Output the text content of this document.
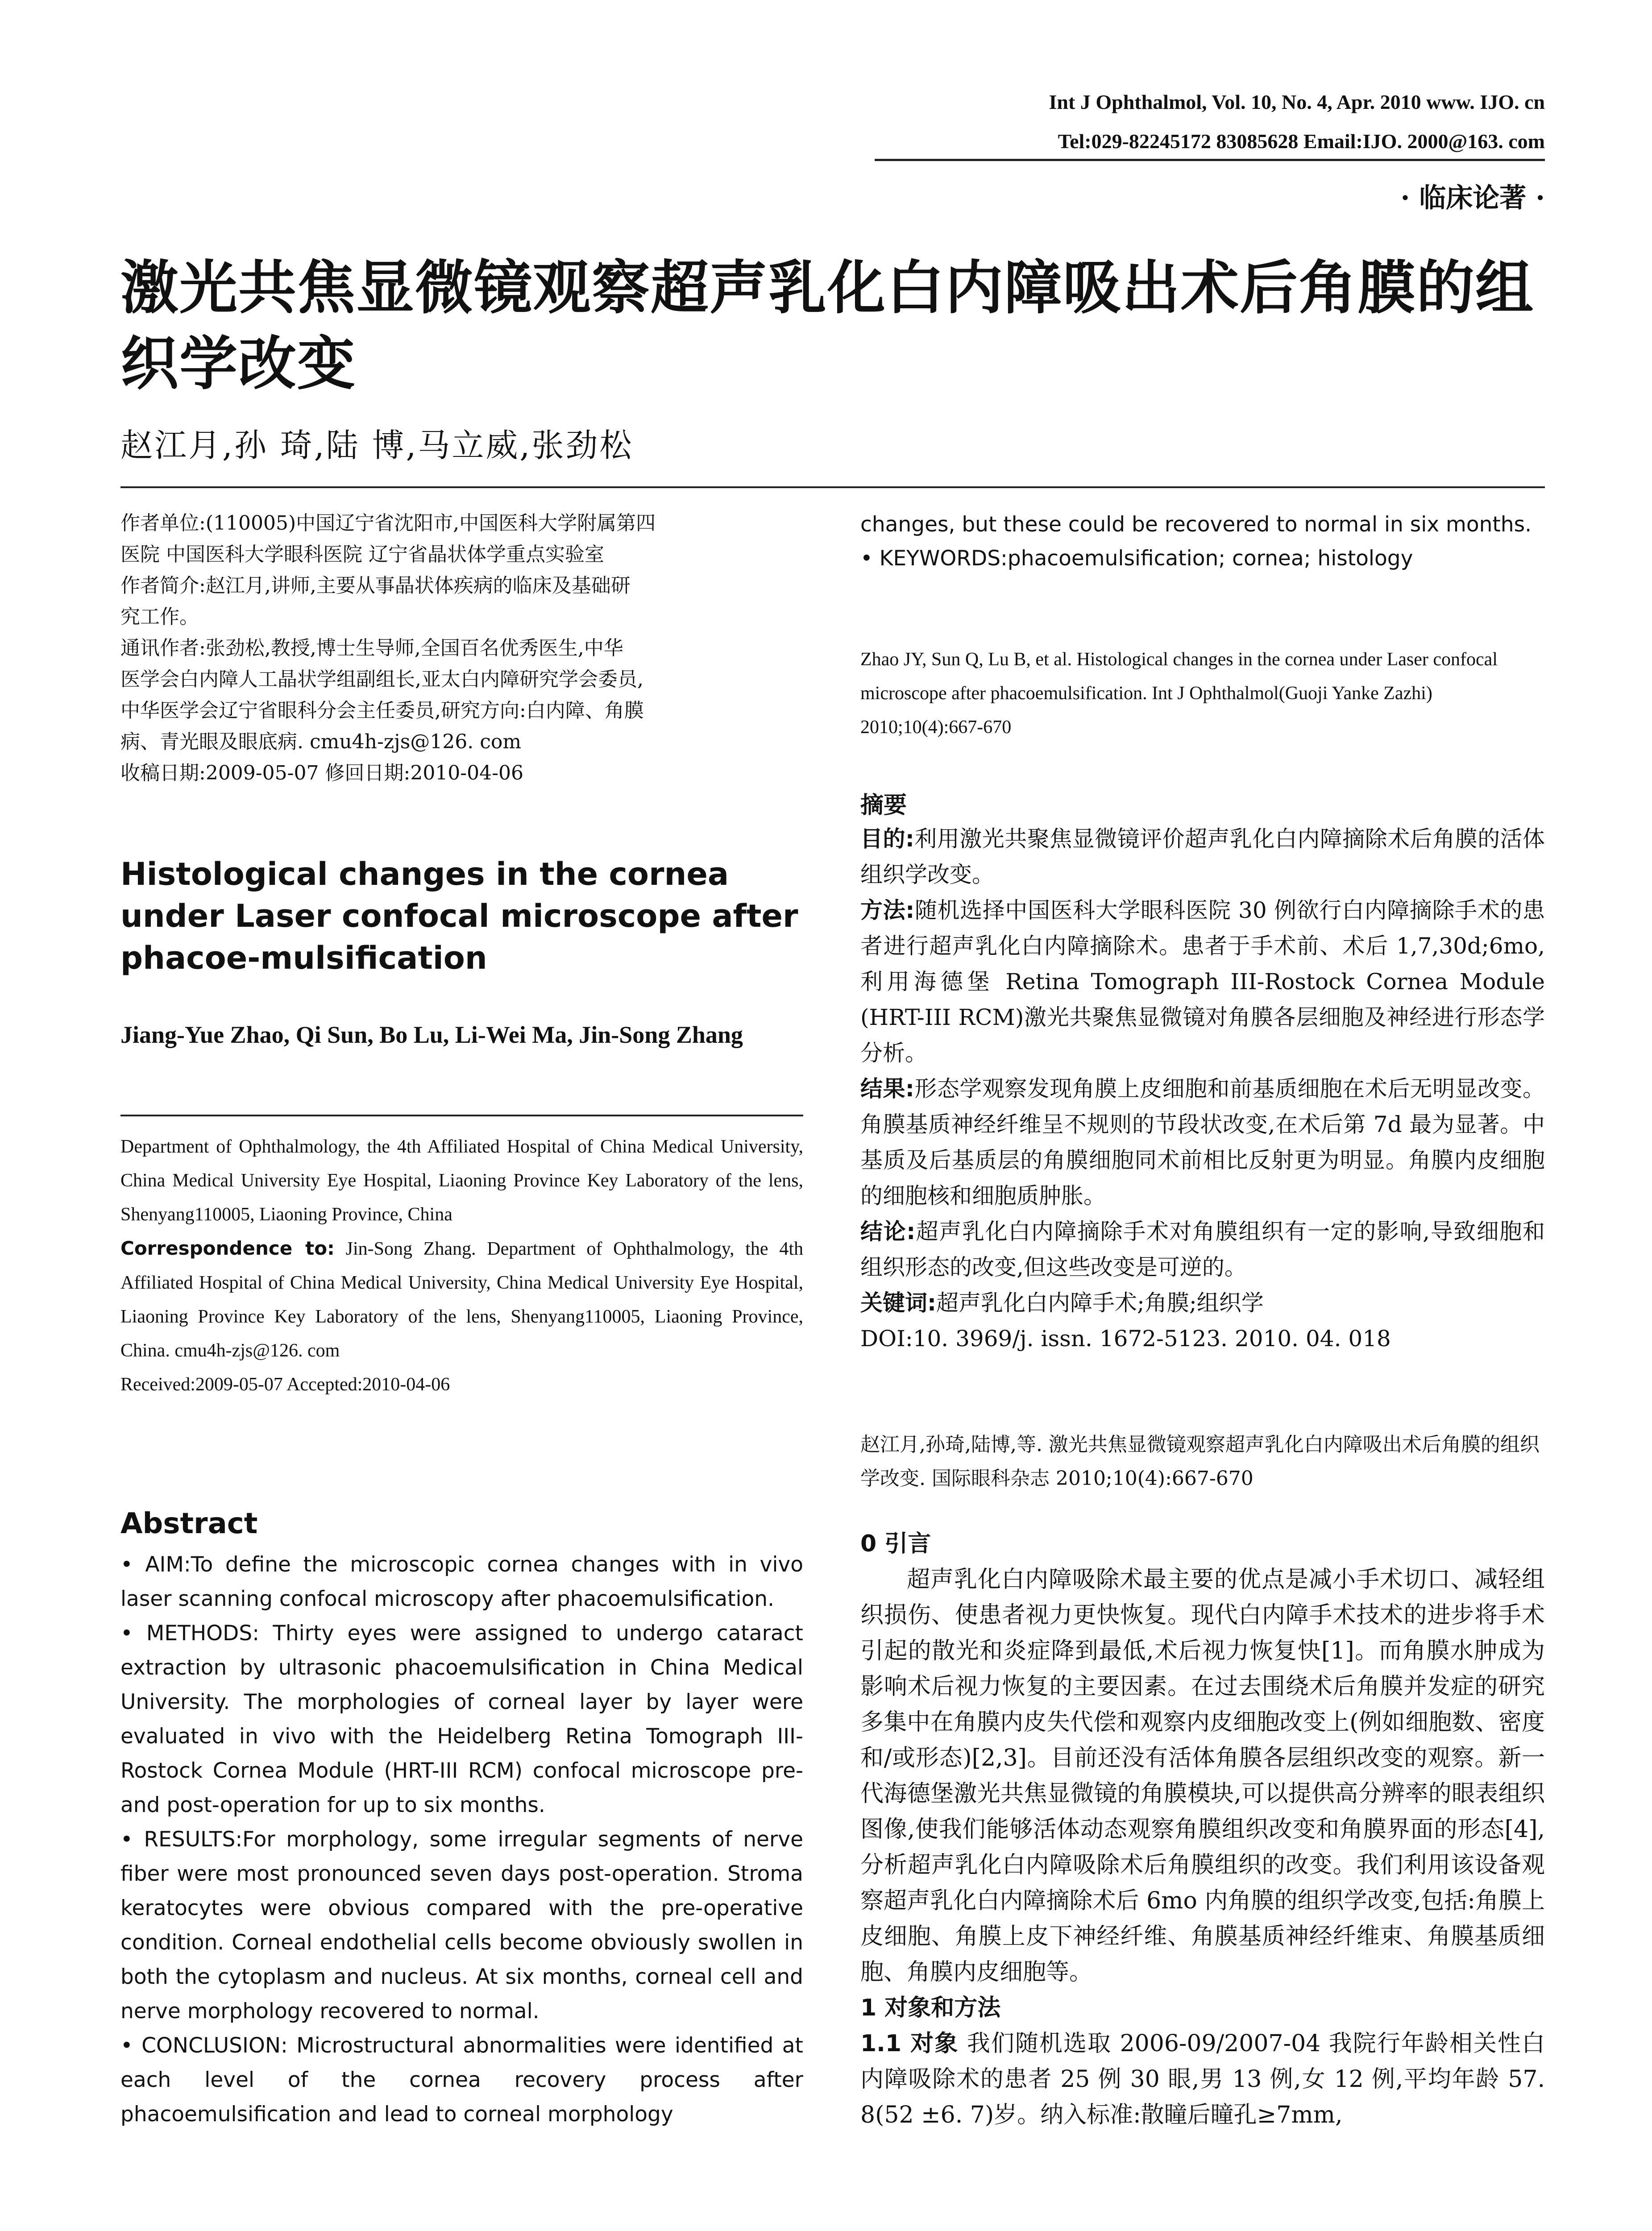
Int J Ophthalmol, Vol. 10, No. 4, Apr. 2010 www. IJO. cn
Tel:029-82245172 83085628 Email:IJO. 2000@163. com
· 临床论著 ·
激光共焦显微镜观察超声乳化白内障吸出术后角膜的组织学改变
赵江月,孙 琦,陆 博,马立威,张劲松

作者单位:(110005)中国辽宁省沈阳市,中国医科大学附属第四

医院 中国医科大学眼科医院 辽宁省晶状体学重点实验室

作者简介:赵江月,讲师,主要从事晶状体疾病的临床及基础研

究工作。

通讯作者:张劲松,教授,博士生导师,全国百名优秀医生,中华

医学会白内障人工晶状学组副组长,亚太白内障研究学会委员,

中华医学会辽宁省眼科分会主任委员,研究方向:白内障、角膜

病、青光眼及眼底病. cmu4h-zjs@126. com

收稿日期:2009-05-07 修回日期:2010-04-06

Histological changes in the cornea under Laser confocal microscope after phacoe-mulsification
Jiang-Yue Zhao, Qi Sun, Bo Lu, Li-Wei Ma, Jin-Song Zhang

Department of Ophthalmology, the 4th Affiliated Hospital of China Medical University, China Medical University Eye Hospital, Liaoning Province Key Laboratory of the lens, Shenyang110005, Liaoning Province, China

Correspondence to: Jin-Song Zhang. Department of Ophthalmology, the 4th Affiliated Hospital of China Medical University, China Medical University Eye Hospital, Liaoning Province Key Laboratory of the lens, Shenyang110005, Liaoning Province, China. cmu4h-zjs@126. com

Received:2009-05-07 Accepted:2010-04-06

Abstract

• AIM:To define the microscopic cornea changes with in vivo laser scanning confocal microscopy after phacoemulsification.

• METHODS: Thirty eyes were assigned to undergo cataract extraction by ultrasonic phacoemulsification in China Medical University. The morphologies of corneal layer by layer were evaluated in vivo with the Heidelberg Retina Tomograph III-Rostock Cornea Module (HRT-III RCM) confocal microscope pre- and post-operation for up to six months.

• RESULTS:For morphology, some irregular segments of nerve fiber were most pronounced seven days post-operation. Stroma keratocytes were obvious compared with the pre-operative condition. Corneal endothelial cells become obviously swollen in both the cytoplasm and nucleus. At six months, corneal cell and nerve morphology recovered to normal.

• CONCLUSION: Microstructural abnormalities were identified at each level of the cornea recovery process after phacoemulsification and lead to corneal morphology

changes, but these could be recovered to normal in six months.

• KEYWORDS:phacoemulsification; cornea; histology

Zhao JY, Sun Q, Lu B, et al. Histological changes in the cornea under Laser confocal microscope after phacoemulsification. Int J Ophthalmol(Guoji Yanke Zazhi) 2010;10(4):667-670

摘要

目的:利用激光共聚焦显微镜评价超声乳化白内障摘除术后角膜的活体组织学改变。

方法:随机选择中国医科大学眼科医院 30 例欲行白内障摘除手术的患者进行超声乳化白内障摘除术。患者于手术前、术后 1,7,30d;6mo,利用海德堡 Retina Tomograph III-Rostock Cornea Module (HRT-III RCM)激光共聚焦显微镜对角膜各层细胞及神经进行形态学分析。

结果:形态学观察发现角膜上皮细胞和前基质细胞在术后无明显改变。角膜基质神经纤维呈不规则的节段状改变,在术后第 7d 最为显著。中基质及后基质层的角膜细胞同术前相比反射更为明显。角膜内皮细胞的细胞核和细胞质肿胀。

结论:超声乳化白内障摘除手术对角膜组织有一定的影响,导致细胞和组织形态的改变,但这些改变是可逆的。

关键词:超声乳化白内障手术;角膜;组织学

DOI:10. 3969/j. issn. 1672-5123. 2010. 04. 018

赵江月,孙琦,陆博,等. 激光共焦显微镜观察超声乳化白内障吸出术后角膜的组织学改变. 国际眼科杂志 2010;10(4):667-670

0 引言

超声乳化白内障吸除术最主要的优点是减小手术切口、减轻组织损伤、使患者视力更快恢复。现代白内障手术技术的进步将手术引起的散光和炎症降到最低,术后视力恢复快[1]。而角膜水肿成为影响术后视力恢复的主要因素。在过去围绕术后角膜并发症的研究多集中在角膜内皮失代偿和观察内皮细胞改变上(例如细胞数、密度和/或形态)[2,3]。目前还没有活体角膜各层组织改变的观察。新一代海德堡激光共焦显微镜的角膜模块,可以提供高分辨率的眼表组织图像,使我们能够活体动态观察角膜组织改变和角膜界面的形态[4],分析超声乳化白内障吸除术后角膜组织的改变。我们利用该设备观察超声乳化白内障摘除术后 6mo 内角膜的组织学改变,包括:角膜上皮细胞、角膜上皮下神经纤维、角膜基质神经纤维束、角膜基质细胞、角膜内皮细胞等。

1 对象和方法

1.1 对象 我们随机选取 2006-09/2007-04 我院行年龄相关性白内障吸除术的患者 25 例 30 眼,男 13 例,女 12 例,平均年龄 57. 8(52 ±6. 7)岁。纳入标准:散瞳后瞳孔≥7mm,
